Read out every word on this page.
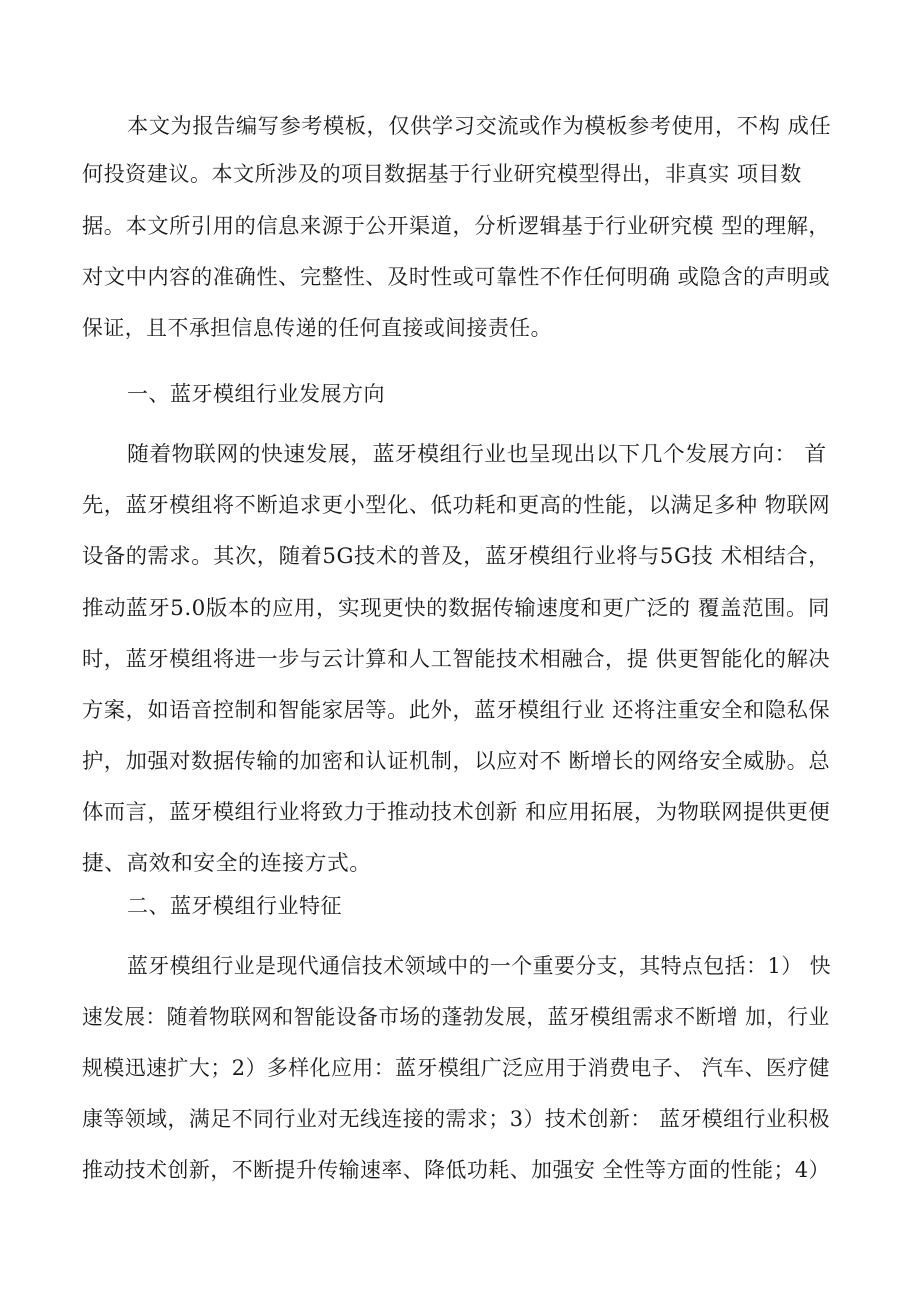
本文为报告编写参考模板，仅供学习交流或作为模板参考使用，不构 成任
何投资建议。本文所涉及的项目数据基于行业研究模型得出，非真实 项目数
据。本文所引用的信息来源于公开渠道，分析逻辑基于行业研究模 型的理解，
对文中内容的准确性、完整性、及时性或可靠性不作任何明确 或隐含的声明或
保证，且不承担信息传递的任何直接或间接责任。
一、蓝牙模组行业发展方向
随着物联网的快速发展，蓝牙模组行业也呈现出以下几个发展方向： 首
先，蓝牙模组将不断追求更小型化、低功耗和更高的性能，以满足多种 物联网
设备的需求。其次，随着5G技术的普及，蓝牙模组行业将与5G技 术相结合，
推动蓝牙5.0版本的应用，实现更快的数据传输速度和更广泛的 覆盖范围。同
时，蓝牙模组将进一步与云计算和人工智能技术相融合，提 供更智能化的解决
方案，如语音控制和智能家居等。此外，蓝牙模组行业 还将注重安全和隐私保
护，加强对数据传输的加密和认证机制，以应对不 断增长的网络安全威胁。总
体而言，蓝牙模组行业将致力于推动技术创新 和应用拓展，为物联网提供更便
捷、高效和安全的连接方式。
二、蓝牙模组行业特征
蓝牙模组行业是现代通信技术领域中的一个重要分支，其特点包括：1） 快
速发展：随着物联网和智能设备市场的蓬勃发展，蓝牙模组需求不断增 加，行业
规模迅速扩大；2）多样化应用：蓝牙模组广泛应用于消费电子、 汽车、医疗健
康等领域，满足不同行业对无线连接的需求；3）技术创新： 蓝牙模组行业积极
推动技术创新，不断提升传输速率、降低功耗、加强安 全性等方面的性能；4）
